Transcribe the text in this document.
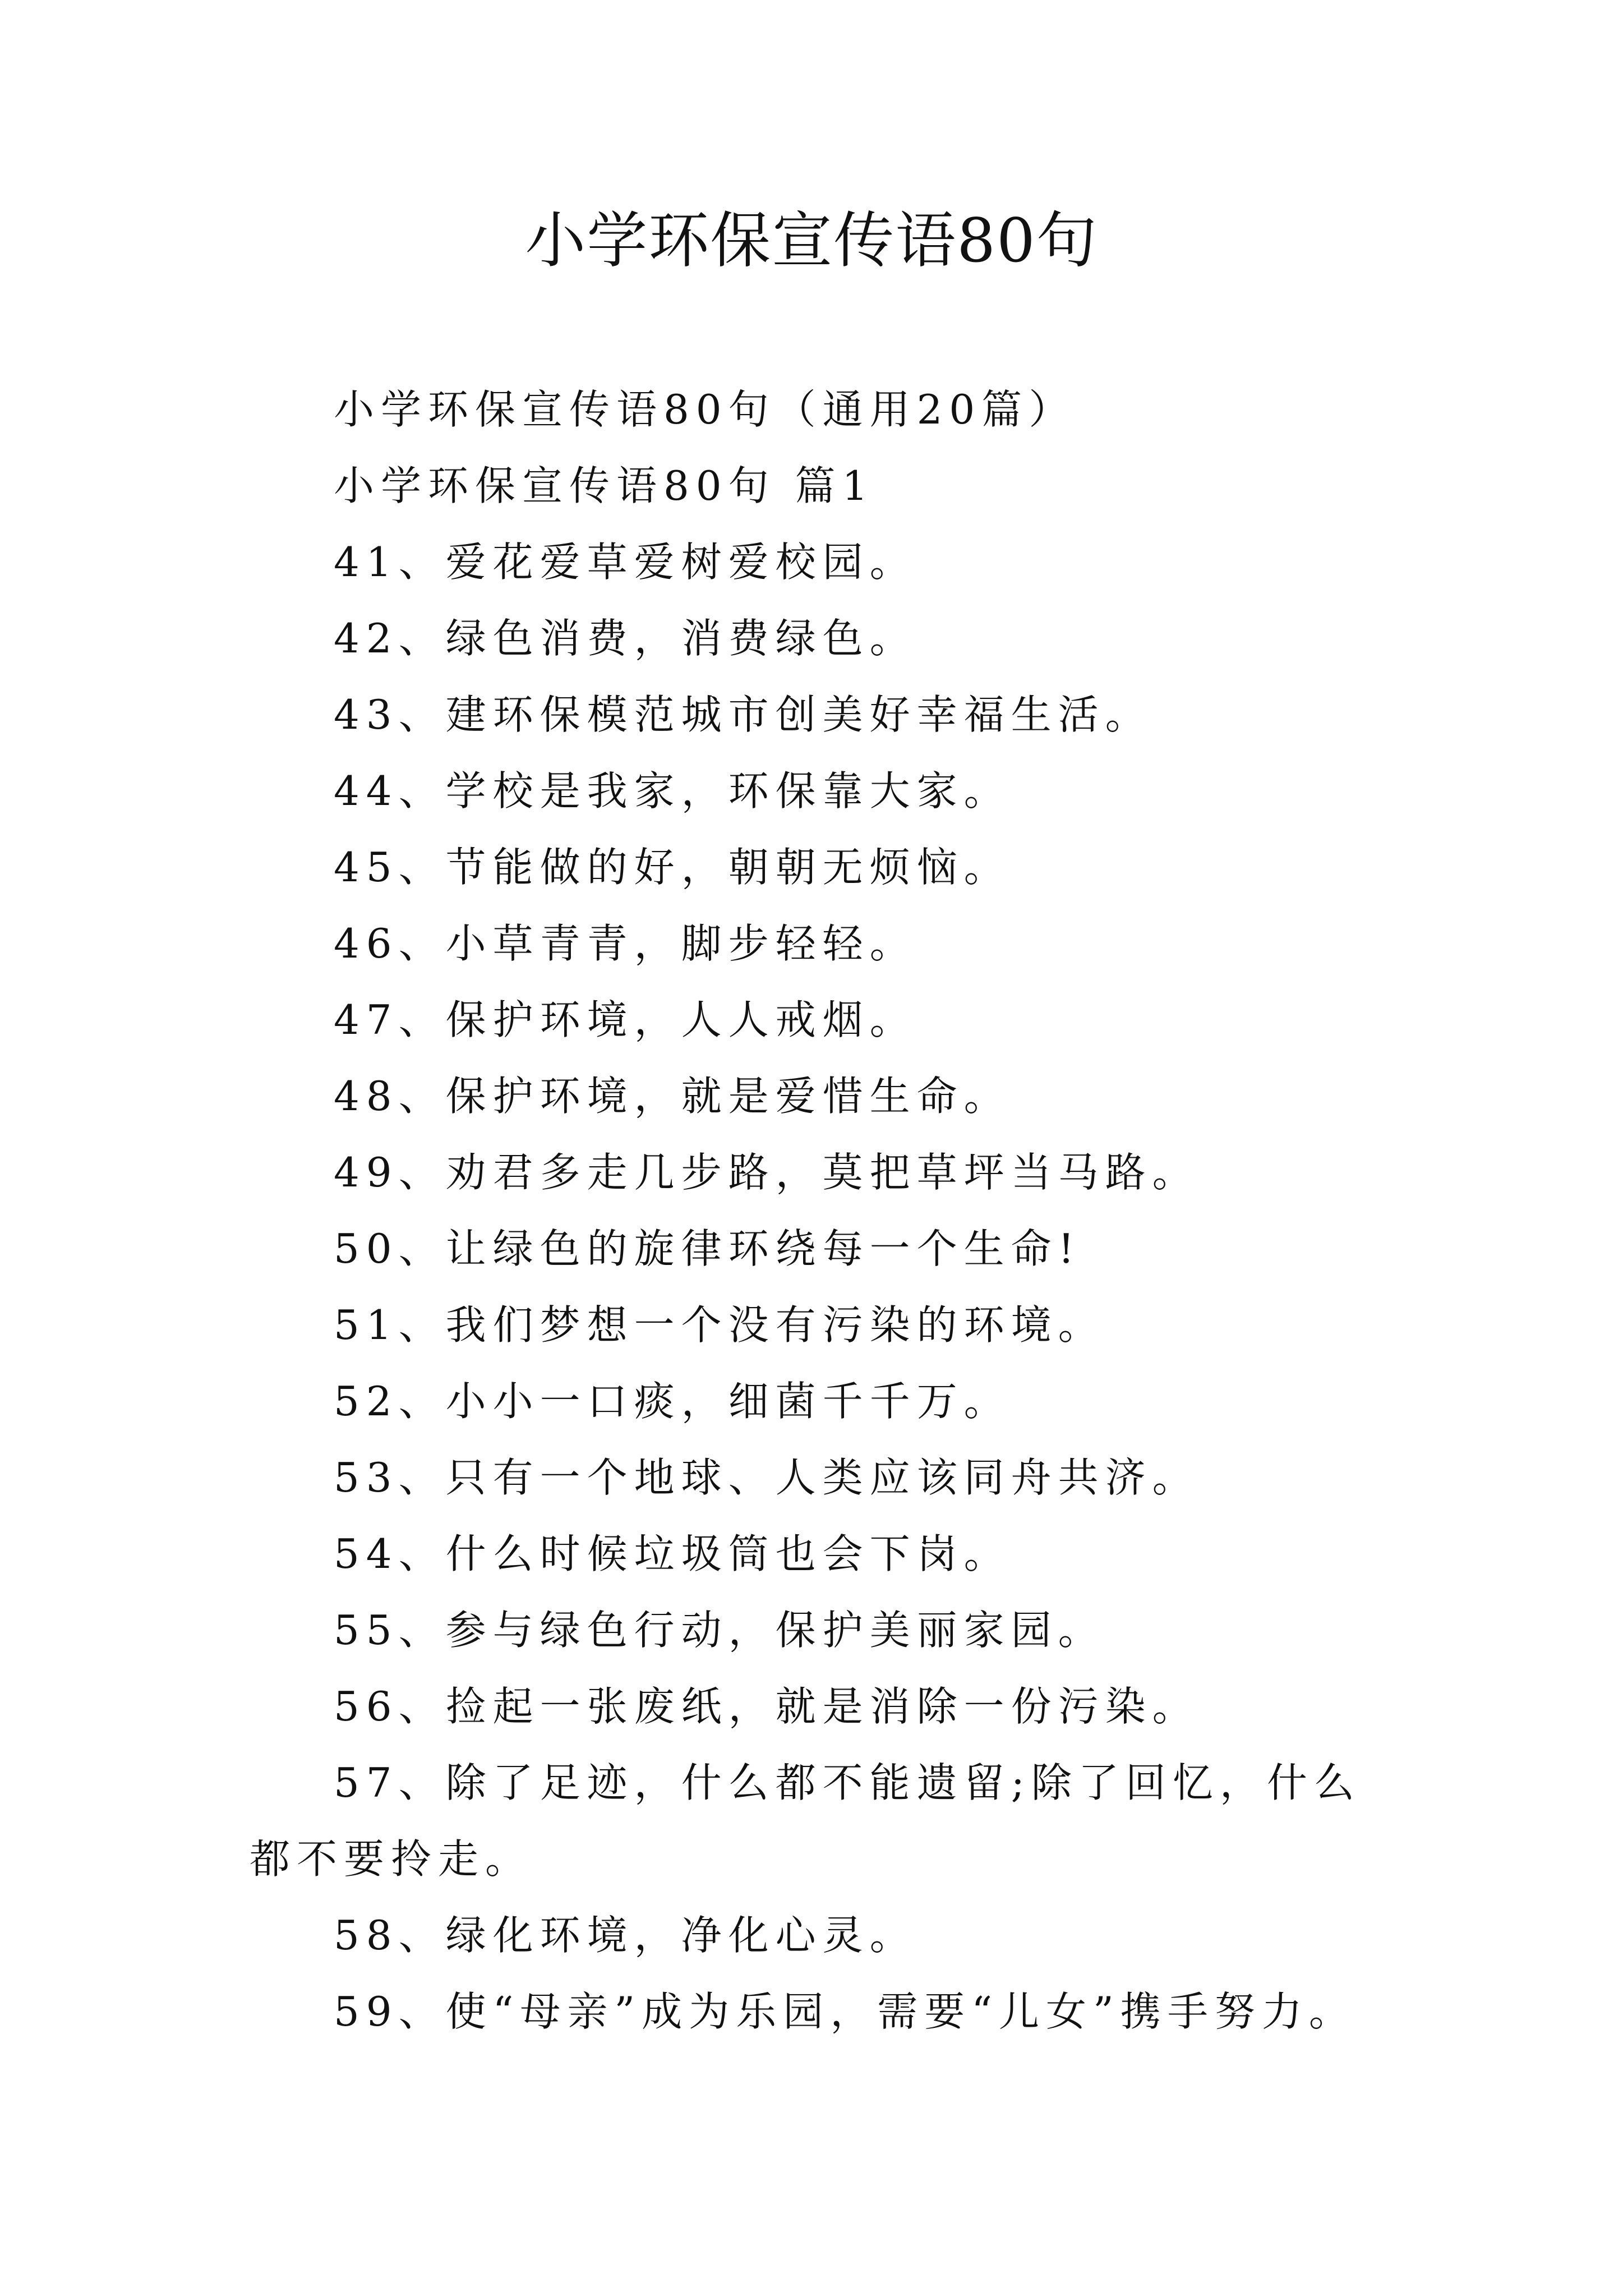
小学环保宣传语80句
小学环保宣传语80句（通用20篇）
小学环保宣传语80句 篇1
41、爱花爱草爱树爱校园。
42、绿色消费，消费绿色。
43、建环保模范城市创美好幸福生活。
44、学校是我家，环保靠大家。
45、节能做的好，朝朝无烦恼。
46、小草青青，脚步轻轻。
47、保护环境，人人戒烟。
48、保护环境，就是爱惜生命。
49、劝君多走几步路，莫把草坪当马路。
50、让绿色的旋律环绕每一个生命!
51、我们梦想一个没有污染的环境。
52、小小一口痰，细菌千千万。
53、只有一个地球、人类应该同舟共济。
54、什么时候垃圾筒也会下岗。
55、参与绿色行动，保护美丽家园。
56、捡起一张废纸，就是消除一份污染。
57、除了足迹，什么都不能遗留;除了回忆，什么都不要拎走。
58、绿化环境，净化心灵。
59、使“母亲”成为乐园，需要“儿女”携手努力。
